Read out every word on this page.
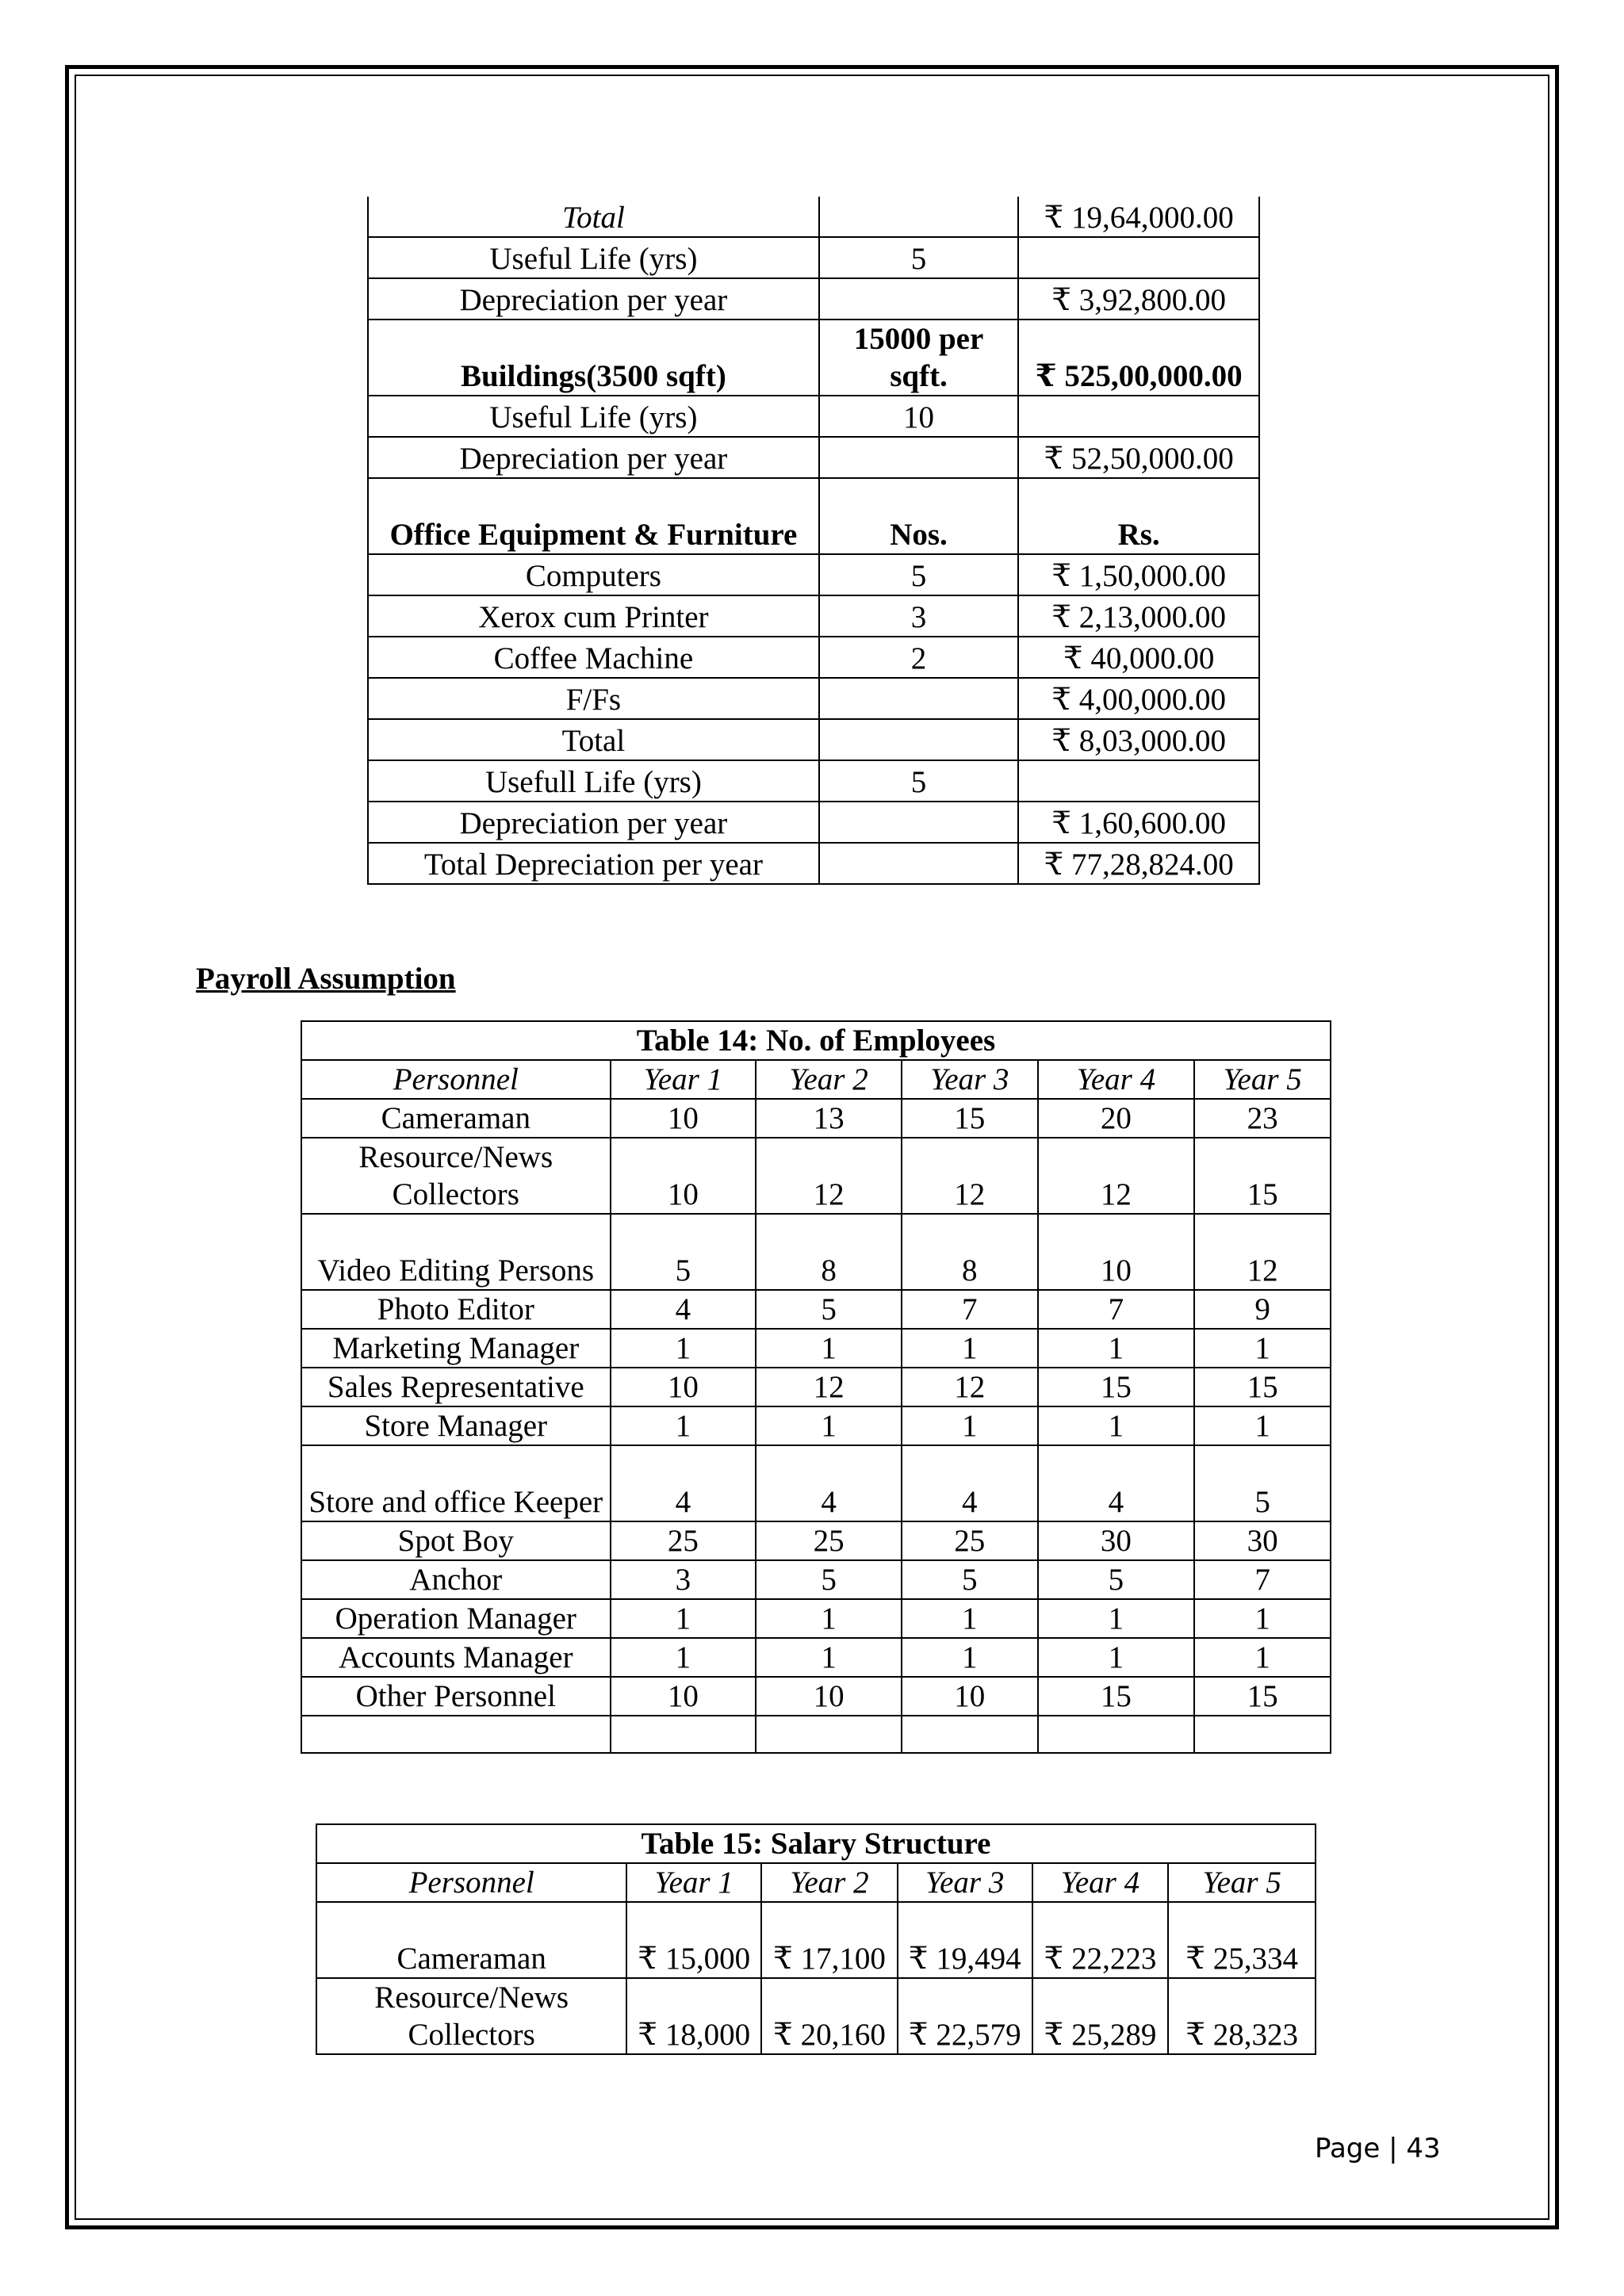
Total		₹ 19,64,000.00
Useful Life (yrs)	5	
Depreciation per year		₹ 3,92,800.00
Buildings(3500 sqft)	15000 per sqft.	₹ 525,00,000.00
Useful Life (yrs)	10	
Depreciation per year		₹ 52,50,000.00
Office Equipment & Furniture	Nos.	Rs.
Computers	5	₹ 1,50,000.00
Xerox cum Printer	3	₹ 2,13,000.00
Coffee Machine	2	₹ 40,000.00
F/Fs		₹ 4,00,000.00
Total		₹ 8,03,000.00
Usefull Life (yrs)	5	
Depreciation per year		₹ 1,60,600.00
Total Depreciation per year		₹ 77,28,824.00
Payroll Assumption
Table 14: No. of Employees					
Personnel	Year 1	Year 2	Year 3	Year 4	Year 5
Cameraman	10	13	15	20	23
Resource/News Collectors	10	12	12	12	15
Video Editing Persons	5	8	8	10	12
Photo Editor	4	5	7	7	9
Marketing Manager	1	1	1	1	1
Sales Representative	10	12	12	15	15
Store Manager	1	1	1	1	1
Store and office Keeper	4	4	4	4	5
Spot Boy	25	25	25	30	30
Anchor	3	5	5	5	7
Operation Manager	1	1	1	1	1
Accounts Manager	1	1	1	1	1
Other Personnel	10	10	10	15	15

Table 15: Salary Structure					
Personnel	Year 1	Year 2	Year 3	Year 4	Year 5
Cameraman	₹ 15,000	₹ 17,100	₹ 19,494	₹ 22,223	₹ 25,334
Resource/News Collectors	₹ 18,000	₹ 20,160	₹ 22,579	₹ 25,289	₹ 28,323
Page | 43
